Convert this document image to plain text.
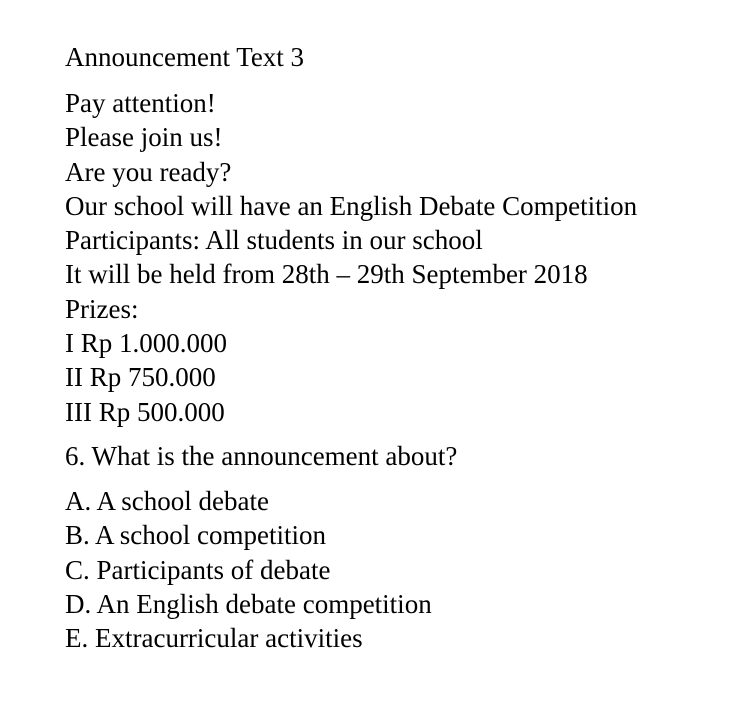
Announcement Text 3
Pay attention!
Please join us!
Are you ready?
Our school will have an English Debate Competition
Participants: All students in our school
It will be held from 28th – 29th September 2018
Prizes:
I Rp 1.000.000
II Rp 750.000
III Rp 500.000
6. What is the announcement about?
A. A school debate
B. A school competition
C. Participants of debate
D. An English debate competition
E. Extracurricular activities
